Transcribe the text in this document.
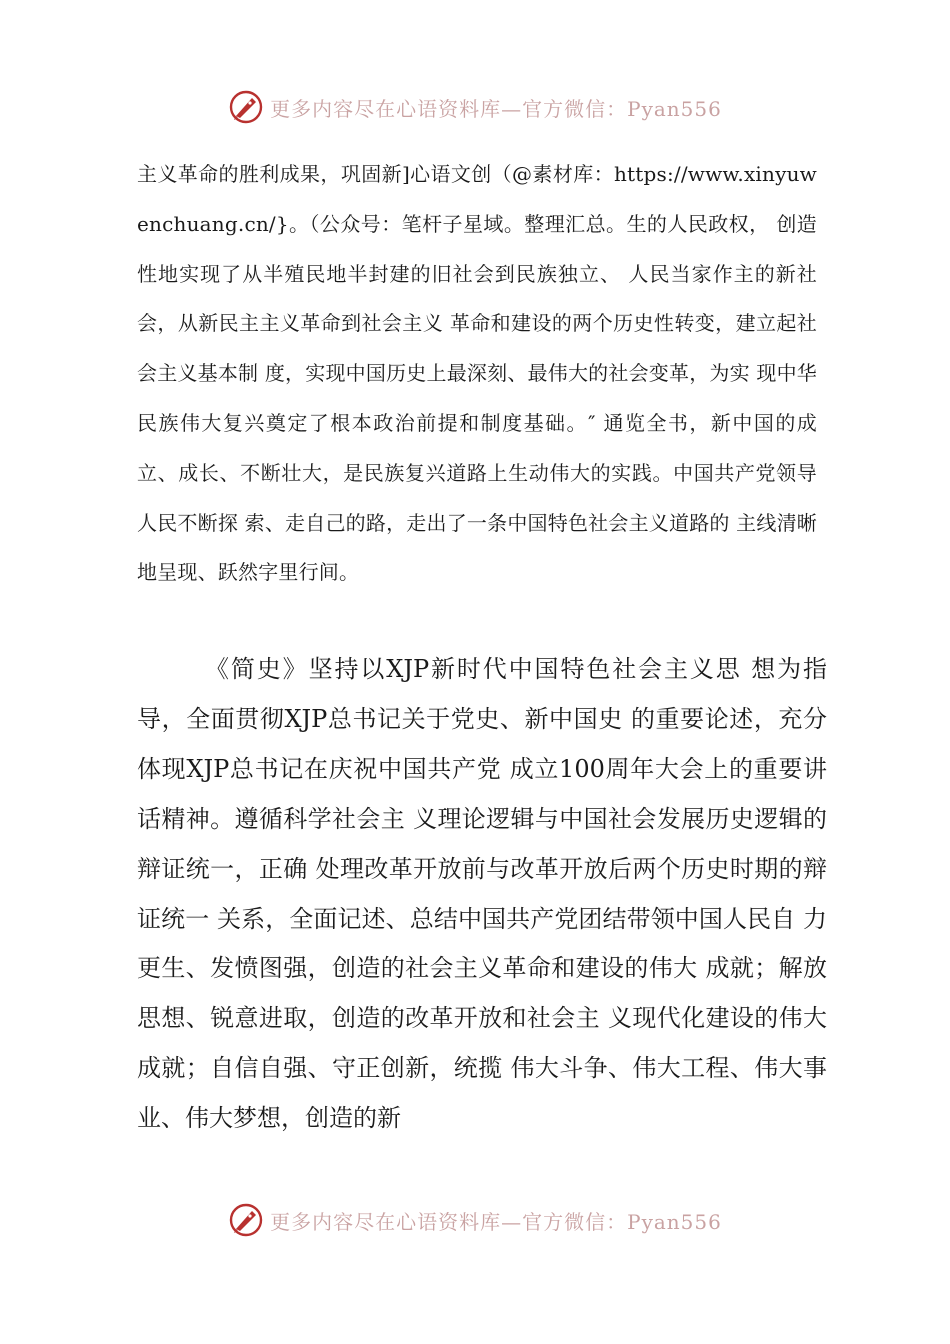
更多内容尽在心语资料库—官方微信：Pyan556

主义革命的胜利成果，巩固新]心语文创（@素材库：https://www.xinyuwenchuang.cn/}。（公众号：笔杆子星域。整理汇总。生的人民政权， 创造性地实现了从半殖民地半封建的旧社会到民族独立、 人民当家作主的新社会，从新民主主义革命到社会主义 革命和建设的两个历史性转变，建立起社会主义基本制 度，实现中国历史上最深刻、最伟大的社会变革，为实 现中华民族伟大复兴奠定了根本政治前提和制度基础。″ 通览全书，新中国的成立、成长、不断壮大，是民族复兴道路上生动伟大的实践。中国共产党领导人民不断探 索、走自己的路，走出了一条中国特色社会主义道路的 主线清晰地呈现、跃然字里行间。

《简史》坚持以XJP新时代中国特色社会主义思 想为指导，全面贯彻XJP总书记关于党史、新中国史 的重要论述，充分体现XJP总书记在庆祝中国共产党 成立100周年大会上的重要讲话精神。遵循科学社会主 义理论逻辑与中国社会发展历史逻辑的辩证统一，正确 处理改革开放前与改革开放后两个历史时期的辩证统一 关系，全面记述、总结中国共产党团结带领中国人民自 力更生、发愤图强，创造的社会主义革命和建设的伟大 成就；解放思想、锐意进取，创造的改革开放和社会主 义现代化建设的伟大成就；自信自强、守正创新，统揽 伟大斗争、伟大工程、伟大事业、伟大梦想，创造的新

更多内容尽在心语资料库—官方微信：Pyan556
